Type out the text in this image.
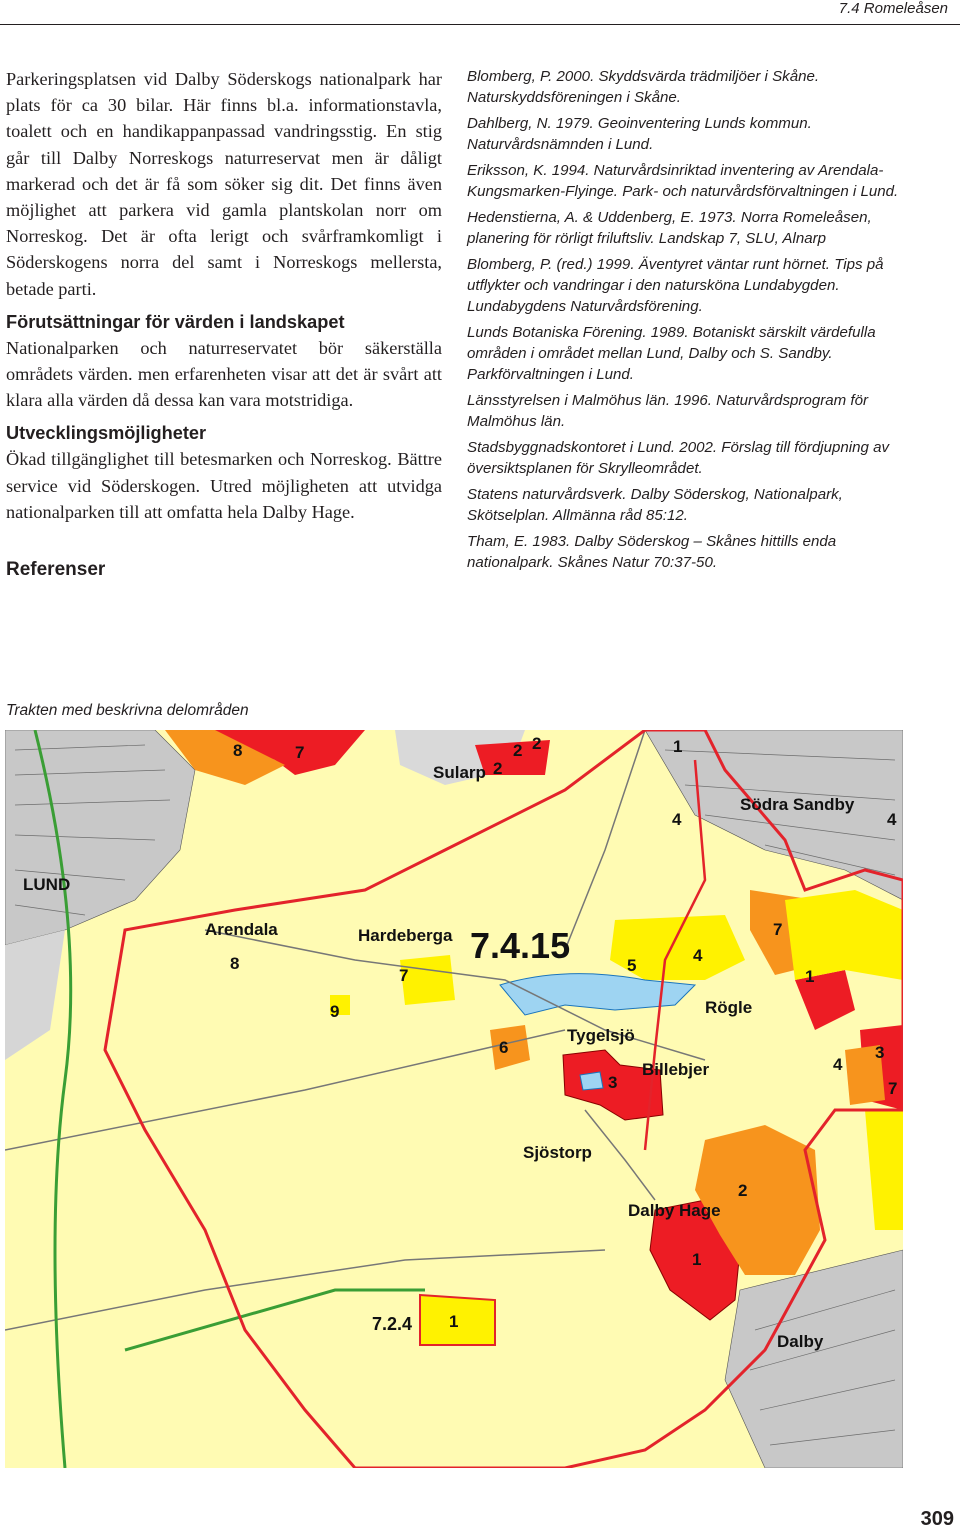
7.4 Romeleåsen

Parkeringsplatsen vid Dalby Söderskogs nationalpark har plats för ca 30 bilar. Här finns bl.a. informationstavla, toalett och en handikappanpassad vandringsstig. En stig går till Dalby Norreskogs naturreservat men är dåligt markerad och det är få som söker sig dit. Det finns även möjlighet att parkera vid gamla plantskolan norr om Norreskog. Det är ofta lerigt och svårframkomligt i Söderskogens norra del samt i Norreskogs mellersta, betade parti.

Förutsättningar för värden i landskapet

Nationalparken och naturreservatet bör säkerställa områdets värden. men erfarenheten visar att det är svårt att klara alla värden då dessa kan vara motstridiga.

Utvecklingsmöjligheter

Ökad tillgänglighet till betesmarken och Norreskog. Bättre service vid Söderskogen. Utred möjligheten att utvidga nationalparken till att omfatta hela Dalby Hage.

Referenser

Blomberg, P. 2000. Skyddsvärda trädmiljöer i Skåne. Naturskyddsföreningen i Skåne.

Dahlberg, N. 1979. Geoinventering Lunds kommun. Naturvårdsnämnden i Lund.

Eriksson, K. 1994. Naturvårdsinriktad inventering av Arendala-Kungsmarken-Flyinge. Park- och naturvårdsförvaltningen i Lund.

Hedenstierna, A. & Uddenberg, E. 1973. Norra Romeleåsen, planering för rörligt friluftsliv. Landskap 7, SLU, Alnarp

Blomberg, P. (red.) 1999. Äventyret väntar runt hörnet. Tips på utflykter och vandringar i den natursköna Lundabygden. Lundabygdens Naturvårdsförening.

Lunds Botaniska Förening. 1989. Botaniskt särskilt värdefulla områden i området mellan Lund, Dalby och S. Sandby. Parkförvaltningen i Lund.

Länsstyrelsen i Malmöhus län. 1996. Naturvårdsprogram för Malmöhus län.

Stadsbyggnadskontoret i Lund. 2002. Förslag till fördjupning av översiktsplanen för Skrylleområdet.

Statens naturvårdsverk. Dalby Söderskog, Nationalpark, Skötselplan. Allmänna råd 85:12.

Tham, E. 1983. Dalby Söderskog – Skånes hittills enda nationalpark. Skånes Natur 70:37-50.

Trakten med beskrivna delområden
Sularp
Södra Sandby
LUND
Arendala	Hardeberga
Rögle
Tygelsjö
Billebjer
Sjöstorp
Dalby Hage
Dalby
7.4.15
7.2.4
8	7	2 2
2
1
4	4
8
7
9
5
4
7
1
6
3
3
4
7
2
1
1
309
